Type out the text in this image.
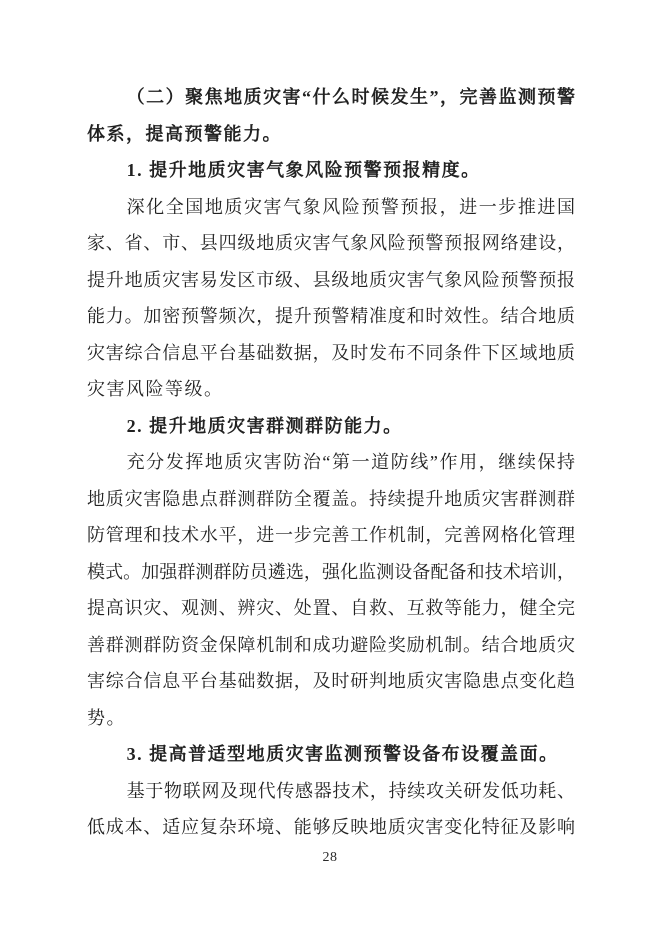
（二）聚焦地质灾害“什么时候发生”，完善监测预警
体系，提高预警能力。
1. 提升地质灾害气象风险预警预报精度。
深化全国地质灾害气象风险预警预报，进一步推进国
家、省、市、县四级地质灾害气象风险预警预报网络建设，
提升地质灾害易发区市级、县级地质灾害气象风险预警预报
能力。加密预警频次，提升预警精准度和时效性。结合地质
灾害综合信息平台基础数据，及时发布不同条件下区域地质
灾害风险等级。
2. 提升地质灾害群测群防能力。
充分发挥地质灾害防治“第一道防线”作用，继续保持
地质灾害隐患点群测群防全覆盖。持续提升地质灾害群测群
防管理和技术水平，进一步完善工作机制，完善网格化管理
模式。加强群测群防员遴选，强化监测设备配备和技术培训，
提高识灾、观测、辨灾、处置、自救、互救等能力，健全完
善群测群防资金保障机制和成功避险奖励机制。结合地质灾
害综合信息平台基础数据，及时研判地质灾害隐患点变化趋
势。
3. 提高普适型地质灾害监测预警设备布设覆盖面。
基于物联网及现代传感器技术，持续攻关研发低功耗、
低成本、适应复杂环境、能够反映地质灾害变化特征及影响
28
